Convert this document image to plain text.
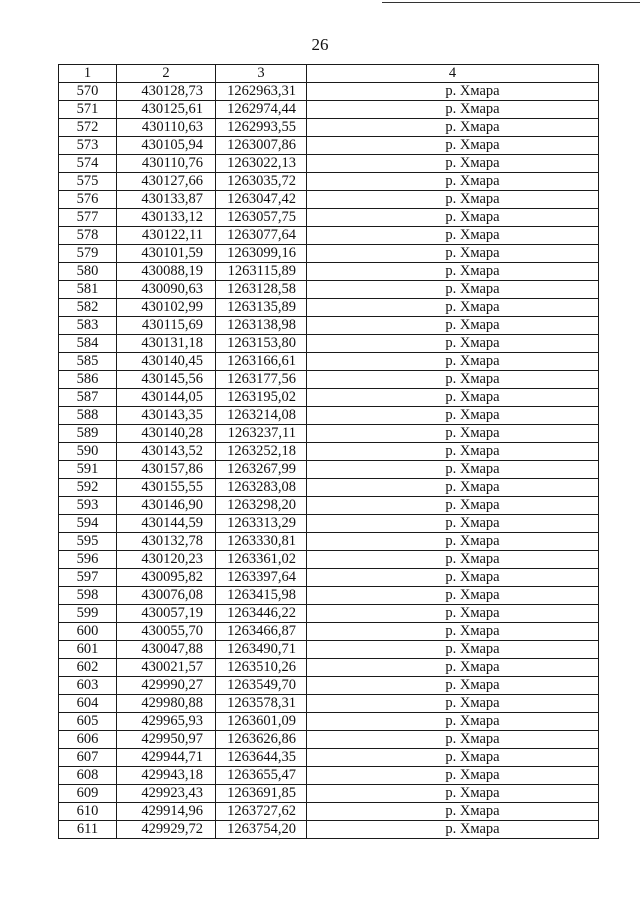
26
1	2	3	4
570	430128,73	1262963,31	р. Хмара
571	430125,61	1262974,44	р. Хмара
572	430110,63	1262993,55	р. Хмара
573	430105,94	1263007,86	р. Хмара
574	430110,76	1263022,13	р. Хмара
575	430127,66	1263035,72	р. Хмара
576	430133,87	1263047,42	р. Хмара
577	430133,12	1263057,75	р. Хмара
578	430122,11	1263077,64	р. Хмара
579	430101,59	1263099,16	р. Хмара
580	430088,19	1263115,89	р. Хмара
581	430090,63	1263128,58	р. Хмара
582	430102,99	1263135,89	р. Хмара
583	430115,69	1263138,98	р. Хмара
584	430131,18	1263153,80	р. Хмара
585	430140,45	1263166,61	р. Хмара
586	430145,56	1263177,56	р. Хмара
587	430144,05	1263195,02	р. Хмара
588	430143,35	1263214,08	р. Хмара
589	430140,28	1263237,11	р. Хмара
590	430143,52	1263252,18	р. Хмара
591	430157,86	1263267,99	р. Хмара
592	430155,55	1263283,08	р. Хмара
593	430146,90	1263298,20	р. Хмара
594	430144,59	1263313,29	р. Хмара
595	430132,78	1263330,81	р. Хмара
596	430120,23	1263361,02	р. Хмара
597	430095,82	1263397,64	р. Хмара
598	430076,08	1263415,98	р. Хмара
599	430057,19	1263446,22	р. Хмара
600	430055,70	1263466,87	р. Хмара
601	430047,88	1263490,71	р. Хмара
602	430021,57	1263510,26	р. Хмара
603	429990,27	1263549,70	р. Хмара
604	429980,88	1263578,31	р. Хмара
605	429965,93	1263601,09	р. Хмара
606	429950,97	1263626,86	р. Хмара
607	429944,71	1263644,35	р. Хмара
608	429943,18	1263655,47	р. Хмара
609	429923,43	1263691,85	р. Хмара
610	429914,96	1263727,62	р. Хмара
611	429929,72	1263754,20	р. Хмара
